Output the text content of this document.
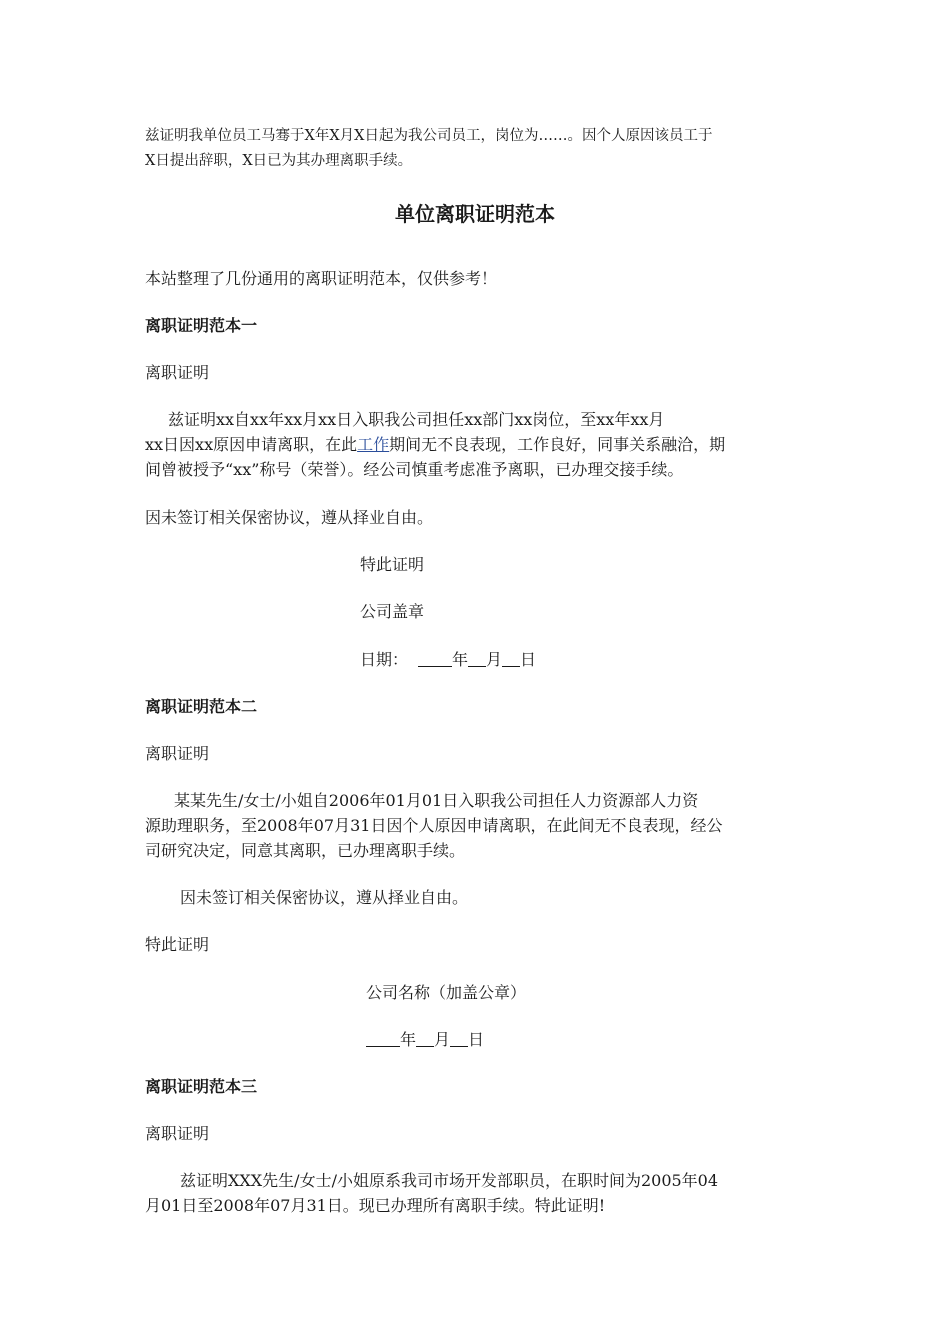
兹证明我单位员工马骞于X年X月X日起为我公司员工，岗位为……。因个人原因该员工于

X日提出辞职，X日已为其办理离职手续。

单位离职证明范本

本站整理了几份通用的离职证明范本，仅供参考！

离职证明范本一

离职证明

兹证明xx自xx年xx月xx日入职我公司担任xx部门xx岗位，至xx年xx月

xx日因xx原因申请离职，在此工作期间无不良表现，工作良好，同事关系融洽，期

间曾被授予“xx”称号（荣誉）。经公司慎重考虑准予离职，已办理交接手续。

因未签订相关保密协议，遵从择业自由。

特此证明

公司盖章

日期：	年 月 日

离职证明范本二

离职证明

某某先生/女士/小姐自2006年01月01日入职我公司担任人力资源部人力资

源助理职务，至2008年07月31日因个人原因申请离职，在此间无不良表现，经公

司研究决定，同意其离职，已办理离职手续。

因未签订相关保密协议，遵从择业自由。

特此证明

公司名称（加盖公章）

年 月 日

离职证明范本三

离职证明

兹证明XXX先生/女士/小姐原系我司市场开发部职员，在职时间为2005年04

月01日至2008年07月31日。现已办理所有离职手续。特此证明!
